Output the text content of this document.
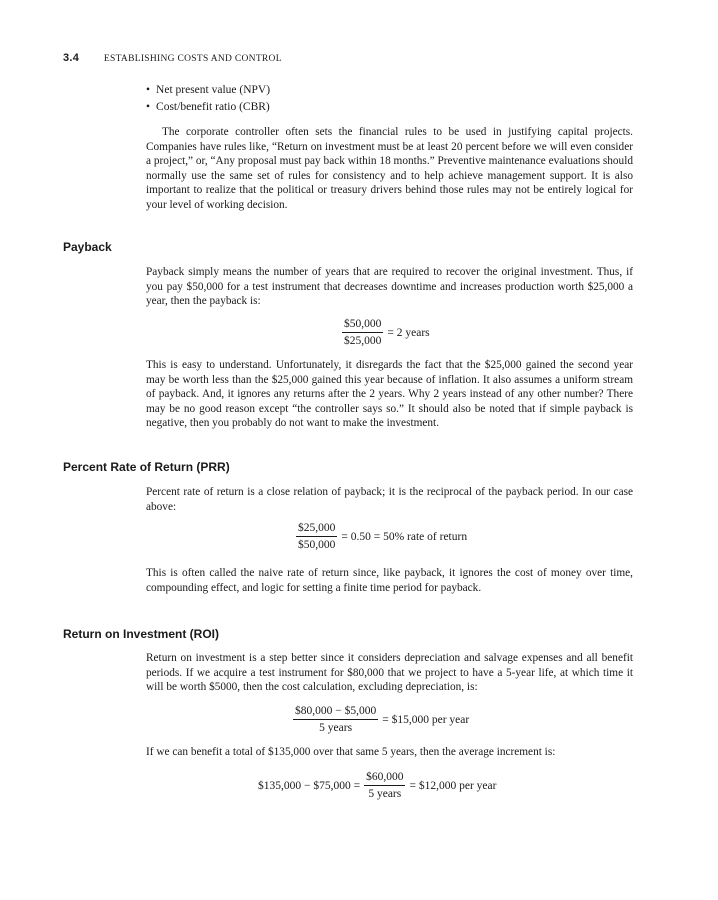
3.4	ESTABLISHING COSTS AND CONTROL
• Net present value (NPV)
• Cost/benefit ratio (CBR)

The corporate controller often sets the financial rules to be used in justifying capital projects. Companies have rules like, “Return on investment must be at least 20 percent before we will even consider a project,” or, “Any proposal must pay back within 18 months.” Preventive maintenance evaluations should normally use the same set of rules for consistency and to help achieve management support. It is also important to realize that the political or treasury drivers behind those rules may not be entirely logical for your level of working decision.

Payback

Payback simply means the number of years that are required to recover the original investment. Thus, if you pay $50,000 for a test instrument that decreases downtime and increases production worth $25,000 a year, then the payback is:

$\frac{\$50,000}{\$25,000} = 2$ years

This is easy to understand. Unfortunately, it disregards the fact that the $25,000 gained the second year may be worth less than the $25,000 gained this year because of inflation. It also assumes a uniform stream of payback. And, it ignores any returns after the 2 years. Why 2 years instead of any other number? There may be no good reason except “the controller says so.” It should also be noted that if simple payback is negative, then you probably do not want to make the investment.

Percent Rate of Return (PRR)

Percent rate of return is a close relation of payback; it is the reciprocal of the payback period. In our case above:

$\frac{\$25,000}{\$50,000} = 0.50 = 50\%$ rate of return

This is often called the naive rate of return since, like payback, it ignores the cost of money over time, compounding effect, and logic for setting a finite time period for payback.

Return on Investment (ROI)

Return on investment is a step better since it considers depreciation and salvage expenses and all benefit periods. If we acquire a test instrument for $80,000 that we project to have a 5-year life, at which time it will be worth $5000, then the cost calculation, excluding depreciation, is:

$\frac{\$80,000 - \$5,000}{\text{5 years}}$ = $15,000 per year

If we can benefit a total of $135,000 over that same 5 years, then the average increment is:

$135,000 − $75,000 = $\frac{\$60,000}{\text{5 years}}$ = $12,000 per year
